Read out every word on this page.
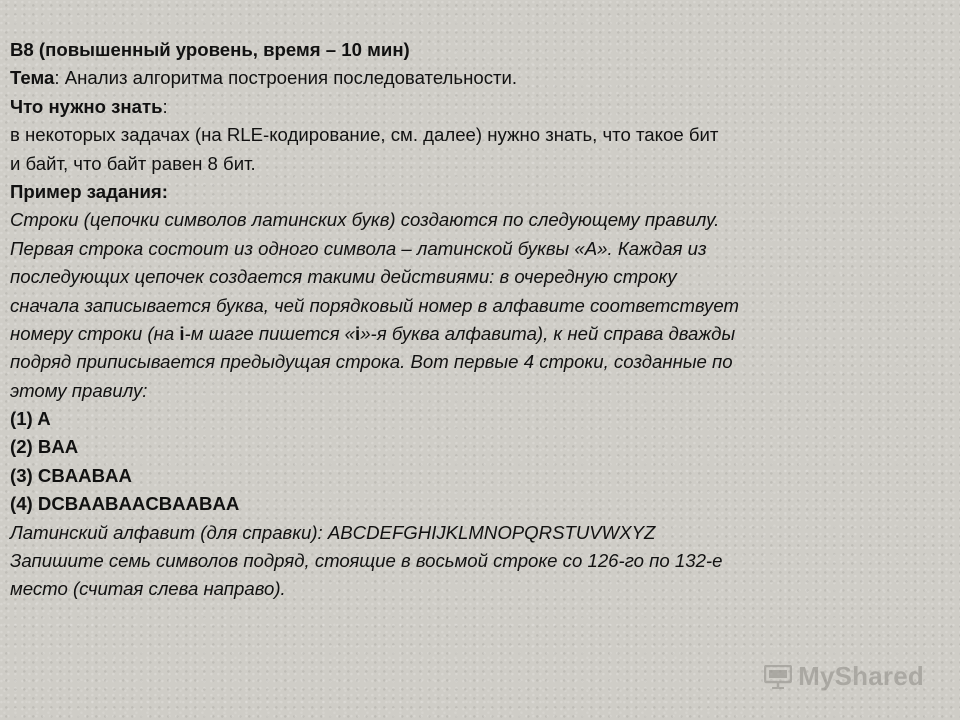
В8 (повышенный уровень, время – 10 мин)
Тема: Анализ алгоритма построения последовательности.
Что нужно знать:
в некоторых задачах (на RLE-кодирование, см. далее) нужно знать, что такое бит
и байт, что байт равен 8 бит.
Пример задания:
Строки (цепочки символов латинских букв) создаются по следующему правилу.
Первая строка состоит из одного символа – латинской буквы «А». Каждая из
последующих цепочек создается такими действиями: в очередную строку
сначала записывается буква, чей порядковый номер в алфавите соответствует
номеру строки (на i-м шаге пишется «i»-я буква алфавита), к ней справа дважды
подряд приписывается предыдущая строка. Вот первые 4 строки, созданные по
этому правилу:
(1) A
(2) BAA
(3) CBAABAA
(4) DCBAABAACBAABAA
Латинский алфавит (для справки): ABCDEFGHIJKLMNOPQRSTUVWXYZ
Запишите семь символов подряд, стоящие в восьмой строке со 126-го по 132-е
место (считая слева направо).
MyShared
